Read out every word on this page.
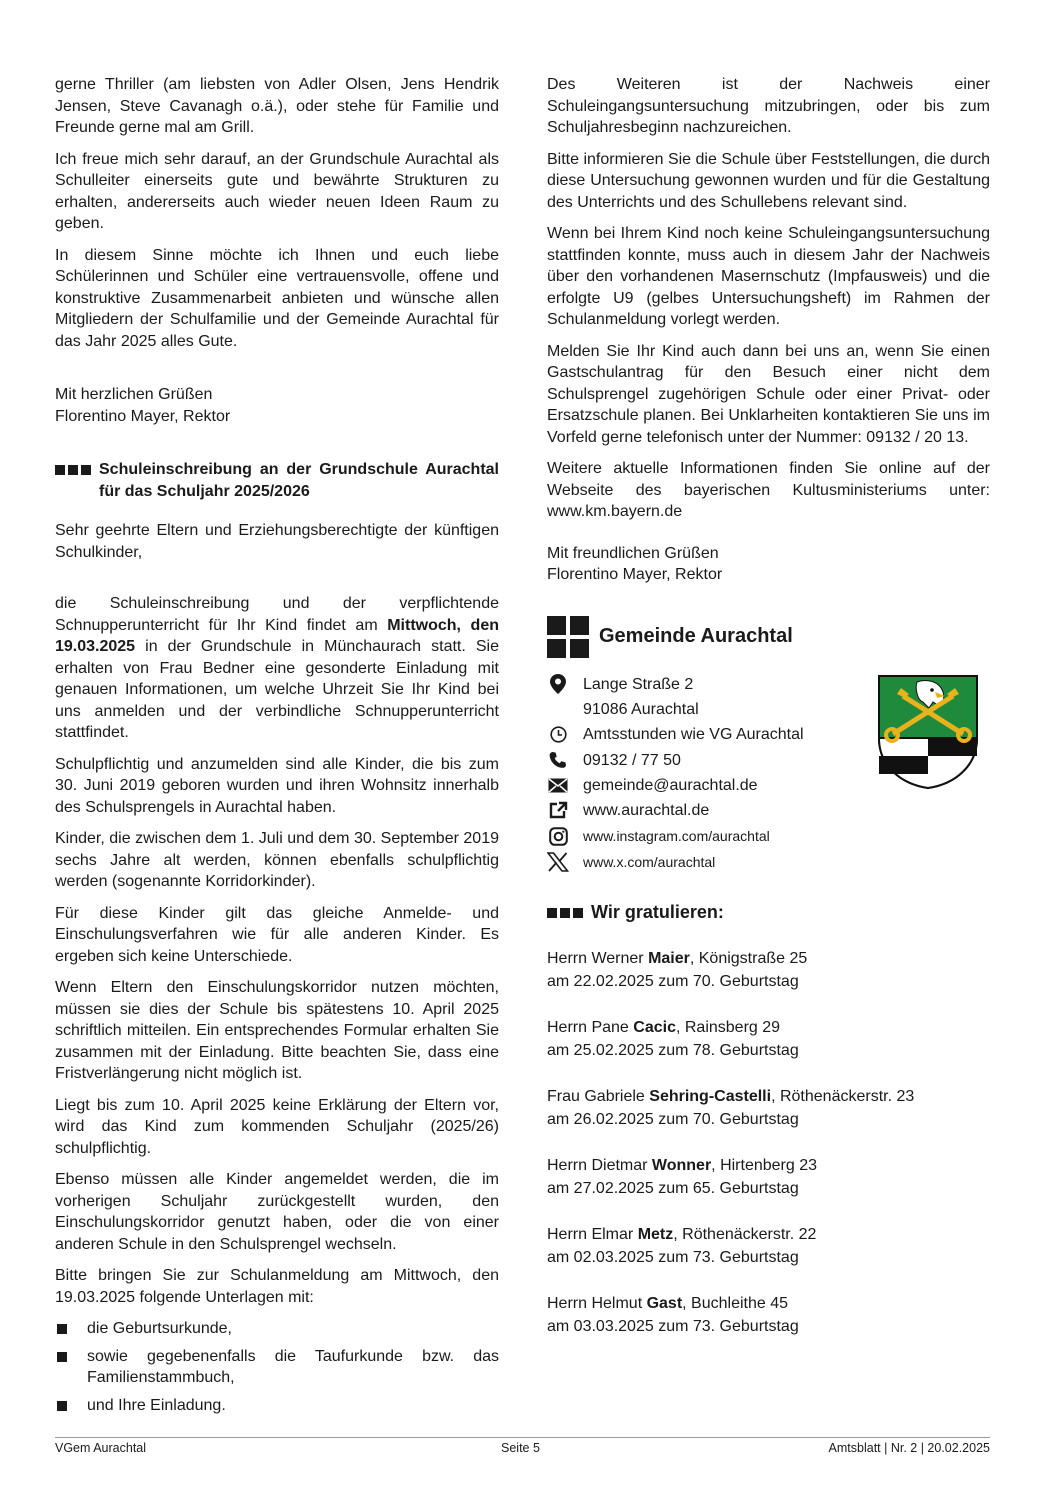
gerne Thriller (am liebsten von Adler Olsen, Jens Hendrik Jensen, Steve Cavanagh o.ä.), oder stehe für Familie und Freunde gerne mal am Grill.

Ich freue mich sehr darauf, an der Grundschule Aurachtal als Schulleiter einerseits gute und bewährte Strukturen zu erhalten, andererseits auch wieder neuen Ideen Raum zu geben.

In diesem Sinne möchte ich Ihnen und euch liebe Schülerinnen und Schüler eine vertrauensvolle, offene und konstruktive Zusammenarbeit anbieten und wünsche allen Mitgliedern der Schulfamilie und der Gemeinde Aurachtal für das Jahr 2025 alles Gute.

Mit herzlichen Grüßen
Florentino Mayer, Rektor
Schuleinschreibung an der Grundschule Aurachtal für das Schuljahr 2025/2026

Sehr geehrte Eltern und Erziehungsberechtigte der künftigen Schulkinder,

die Schuleinschreibung und der verpflichtende Schnupperunterricht für Ihr Kind findet am Mittwoch, den 19.03.2025 in der Grundschule in Münchaurach statt. Sie erhalten von Frau Bedner eine gesonderte Einladung mit genauen Informationen, um welche Uhrzeit Sie Ihr Kind bei uns anmelden und der verbindliche Schnupperunterricht stattfindet.

Schulpflichtig und anzumelden sind alle Kinder, die bis zum 30. Juni 2019 geboren wurden und ihren Wohnsitz innerhalb des Schulsprengels in Aurachtal haben.

Kinder, die zwischen dem 1. Juli und dem 30. September 2019 sechs Jahre alt werden, können ebenfalls schulpflichtig werden (sogenannte Korridorkinder).

Für diese Kinder gilt das gleiche Anmelde- und Einschulungsverfahren wie für alle anderen Kinder. Es ergeben sich keine Unterschiede.

Wenn Eltern den Einschulungskorridor nutzen möchten, müssen sie dies der Schule bis spätestens 10. April 2025 schriftlich mitteilen. Ein entsprechendes Formular erhalten Sie zusammen mit der Einladung. Bitte beachten Sie, dass eine Fristverlängerung nicht möglich ist.

Liegt bis zum 10. April 2025 keine Erklärung der Eltern vor, wird das Kind zum kommenden Schuljahr (2025/26) schulpflichtig.

Ebenso müssen alle Kinder angemeldet werden, die im vorherigen Schuljahr zurückgestellt wurden, den Einschulungskorridor genutzt haben, oder die von einer anderen Schule in den Schulsprengel wechseln.

Bitte bringen Sie zur Schulanmeldung am Mittwoch, den 19.03.2025 folgende Unterlagen mit:

die Geburtsurkunde,
sowie gegebenenfalls die Taufurkunde bzw. das Familienstammbuch,
und Ihre Einladung.

Des Weiteren ist der Nachweis einer Schuleingangsuntersuchung mitzubringen, oder bis zum Schuljahresbeginn nachzureichen.

Bitte informieren Sie die Schule über Feststellungen, die durch diese Untersuchung gewonnen wurden und für die Gestaltung des Unterrichts und des Schullebens relevant sind.

Wenn bei Ihrem Kind noch keine Schuleingangsuntersuchung stattfinden konnte, muss auch in diesem Jahr der Nachweis über den vorhandenen Masernschutz (Impfausweis) und die erfolgte U9 (gelbes Untersuchungsheft) im Rahmen der Schulanmeldung vorlegt werden.

Melden Sie Ihr Kind auch dann bei uns an, wenn Sie einen Gastschulantrag für den Besuch einer nicht dem Schulsprengel zugehörigen Schule oder einer Privat- oder Ersatzschule planen. Bei Unklarheiten kontaktieren Sie uns im Vorfeld gerne telefonisch unter der Nummer: 09132 / 20 13.

Weitere aktuelle Informationen finden Sie online auf der Webseite des bayerischen Kultusministeriums unter: www.km.bayern.de

Mit freundlichen Grüßen
Florentino Mayer, Rektor
Gemeinde Aurachtal
Lange Straße 2
91086 Aurachtal
Amtsstunden wie VG Aurachtal
09132 / 77 50
gemeinde@aurachtal.de
www.aurachtal.de
www.instagram.com/aurachtal
www.x.com/aurachtal
Wir gratulieren:
Herrn Werner Maier, Königstraße 25
am 22.02.2025 zum 70. Geburtstag
Herrn Pane Cacic, Rainsberg 29
am 25.02.2025 zum 78. Geburtstag
Frau Gabriele Sehring-Castelli, Röthenäckerstr. 23
am 26.02.2025 zum 70. Geburtstag
Herrn Dietmar Wonner, Hirtenberg 23
am 27.02.2025 zum 65. Geburtstag
Herrn Elmar Metz, Röthenäckerstr. 22
am 02.03.2025 zum 73. Geburtstag
Herrn Helmut Gast, Buchleithe 45
am 03.03.2025 zum 73. Geburtstag
VGem Aurachtal	Seite 5	Amtsblatt | Nr. 2 | 20.02.2025
